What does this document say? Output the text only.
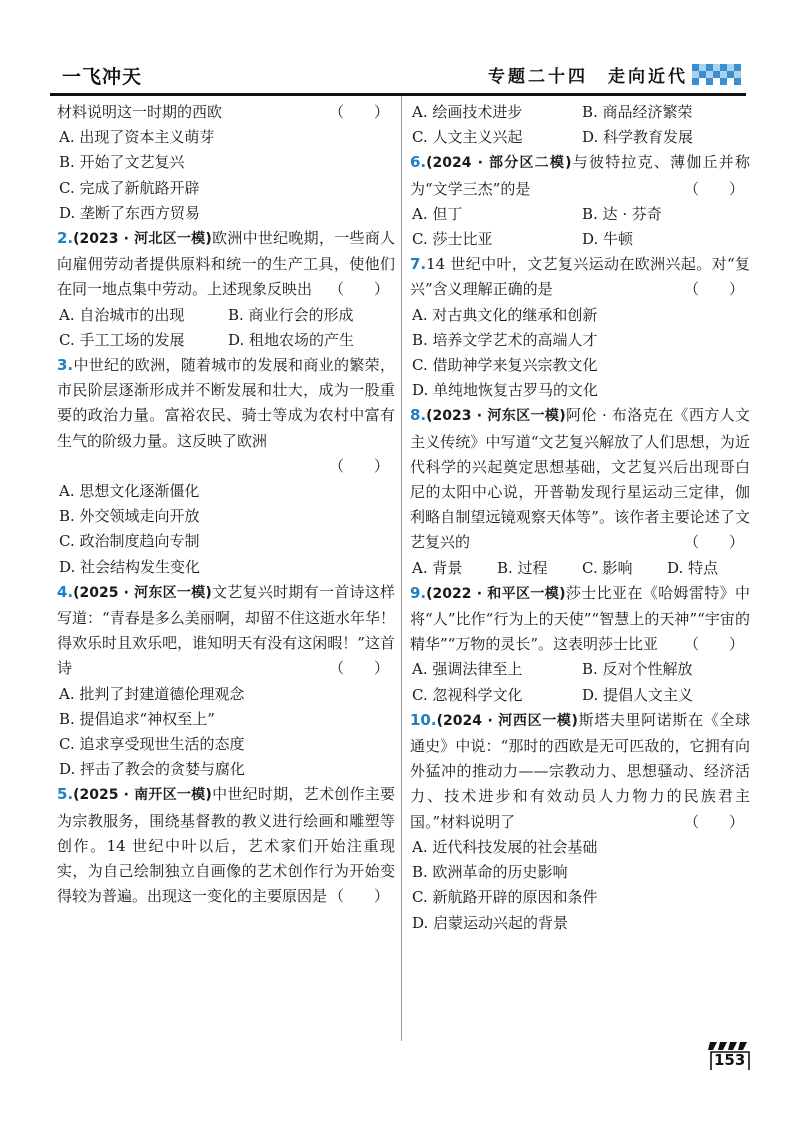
一飞冲天	专题二十四　走向近代
材料说明这一时期的西欧	（　　）
A. 出现了资本主义萌芽
B. 开始了文艺复兴
C. 完成了新航路开辟
D. 垄断了东西方贸易
2.(2023 · 河北区一模)欧洲中世纪晚期，一些商人向雇佣劳动者提供原料和统一的生产工具，使他们在同一地点集中劳动。上述现象反映出 （　　）
A. 自治城市的出现	B. 商业行会的形成
C. 手工工场的发展	D. 租地农场的产生
3.中世纪的欧洲，随着城市的发展和商业的繁荣，市民阶层逐渐形成并不断发展和壮大，成为一股重要的政治力量。富裕农民、骑士等成为农村中富有生气的阶级力量。这反映了欧洲
（　　）
A. 思想文化逐渐僵化
B. 外交领域走向开放
C. 政治制度趋向专制
D. 社会结构发生变化
4.(2025 · 河东区一模)文艺复兴时期有一首诗这样写道：“青春是多么美丽啊，却留不住这逝水年华！得欢乐时且欢乐吧，谁知明天有没有这闲暇！”这首诗	（　　）
A. 批判了封建道德伦理观念
B. 提倡追求“神权至上”
C. 追求享受现世生活的态度
D. 抨击了教会的贪婪与腐化
5.(2025 · 南开区一模)中世纪时期，艺术创作主要为宗教服务，围绕基督教的教义进行绘画和雕塑等创作。14 世纪中叶以后，艺术家们开始注重现实，为自己绘制独立自画像的艺术创作行为开始变得较为普遍。出现这一变化的主要原因是 （　　）
A. 绘画技术进步	B. 商品经济繁荣
C. 人文主义兴起	D. 科学教育发展
6.(2024 · 部分区二模)与彼特拉克、薄伽丘并称为“文学三杰”的是	（　　）
A. 但丁	B. 达 · 芬奇
C. 莎士比亚	D. 牛顿
7.14 世纪中叶，文艺复兴运动在欧洲兴起。对“复兴”含义理解正确的是	（　　）
A. 对古典文化的继承和创新
B. 培养文学艺术的高端人才
C. 借助神学来复兴宗教文化
D. 单纯地恢复古罗马的文化
8.(2023 · 河东区一模)阿伦 · 布洛克在《西方人文主义传统》中写道“文艺复兴解放了人们思想，为近代科学的兴起奠定思想基础，文艺复兴后出现哥白尼的太阳中心说，开普勒发现行星运动三定律，伽利略自制望远镜观察天体等”。该作者主要论述了文艺复兴的	（　　）
A. 背景	B. 过程	C. 影响	D. 特点
9.(2022 · 和平区一模)莎士比亚在《哈姆雷特》中将“人”比作“行为上的天使”“智慧上的天神”“宇宙的精华”“万物的灵长”。这表明莎士比亚 （　　）
A. 强调法律至上	B. 反对个性解放
C. 忽视科学文化	D. 提倡人文主义
10.(2024 · 河西区一模)斯塔夫里阿诺斯在《全球通史》中说：“那时的西欧是无可匹敌的，它拥有向外猛冲的推动力——宗教动力、思想骚动、经济活力、技术进步和有效动员人力物力的民族君主国。”材料说明了	（　　）
A. 近代科技发展的社会基础
B. 欧洲革命的历史影响
C. 新航路开辟的原因和条件
D. 启蒙运动兴起的背景
153
